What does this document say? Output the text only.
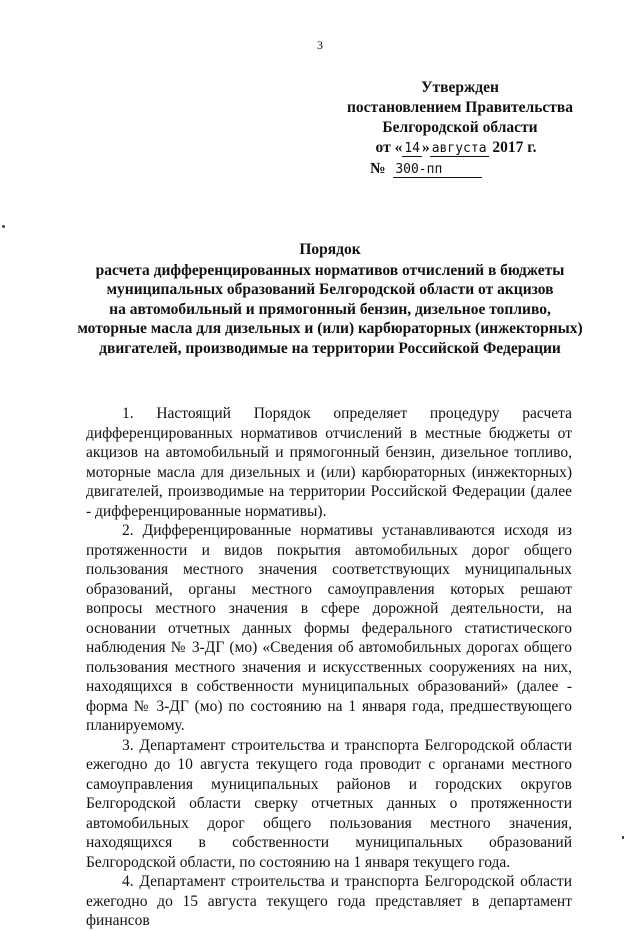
3
Утвержден
постановлением Правительства
Белгородской области
от « 14 » августа 2017 г.
№ 300-пп
Порядок
расчета дифференцированных нормативов отчислений в бюджеты
муниципальных образований Белгородской области от акцизов
на автомобильный и прямогонный бензин, дизельное топливо,
моторные масла для дизельных и (или) карбюраторных (инжекторных)
двигателей, производимые на территории Российской Федерации

1. Настоящий Порядок определяет процедуру расчета дифференцированных нормативов отчислений в местные бюджеты от акцизов на автомобильный и прямогонный бензин, дизельное топливо, моторные масла для дизельных и (или) карбюраторных (инжекторных) двигателей, производимые на территории Российской Федерации (далее - дифференцированные нормативы).

2. Дифференцированные нормативы устанавливаются исходя из протяженности и видов покрытия автомобильных дорог общего пользования местного значения соответствующих муниципальных образований, органы местного самоуправления которых решают вопросы местного значения в сфере дорожной деятельности, на основании отчетных данных формы федерального статистического наблюдения № 3-ДГ (мо) «Сведения об автомобильных дорогах общего пользования местного значения и искусственных сооружениях на них, находящихся в собственности муниципальных образований» (далее - форма № 3-ДГ (мо) по состоянию на 1 января года, предшествующего планируемому.

3. Департамент строительства и транспорта Белгородской области ежегодно до 10 августа текущего года проводит с органами местного самоуправления муниципальных районов и городских округов Белгородской области сверку отчетных данных о протяженности автомобильных дорог общего пользования местного значения, находящихся в собственности муниципальных образований Белгородской области, по состоянию на 1 января текущего года.

4. Департамент строительства и транспорта Белгородской области ежегодно до 15 августа текущего года представляет в департамент финансов
